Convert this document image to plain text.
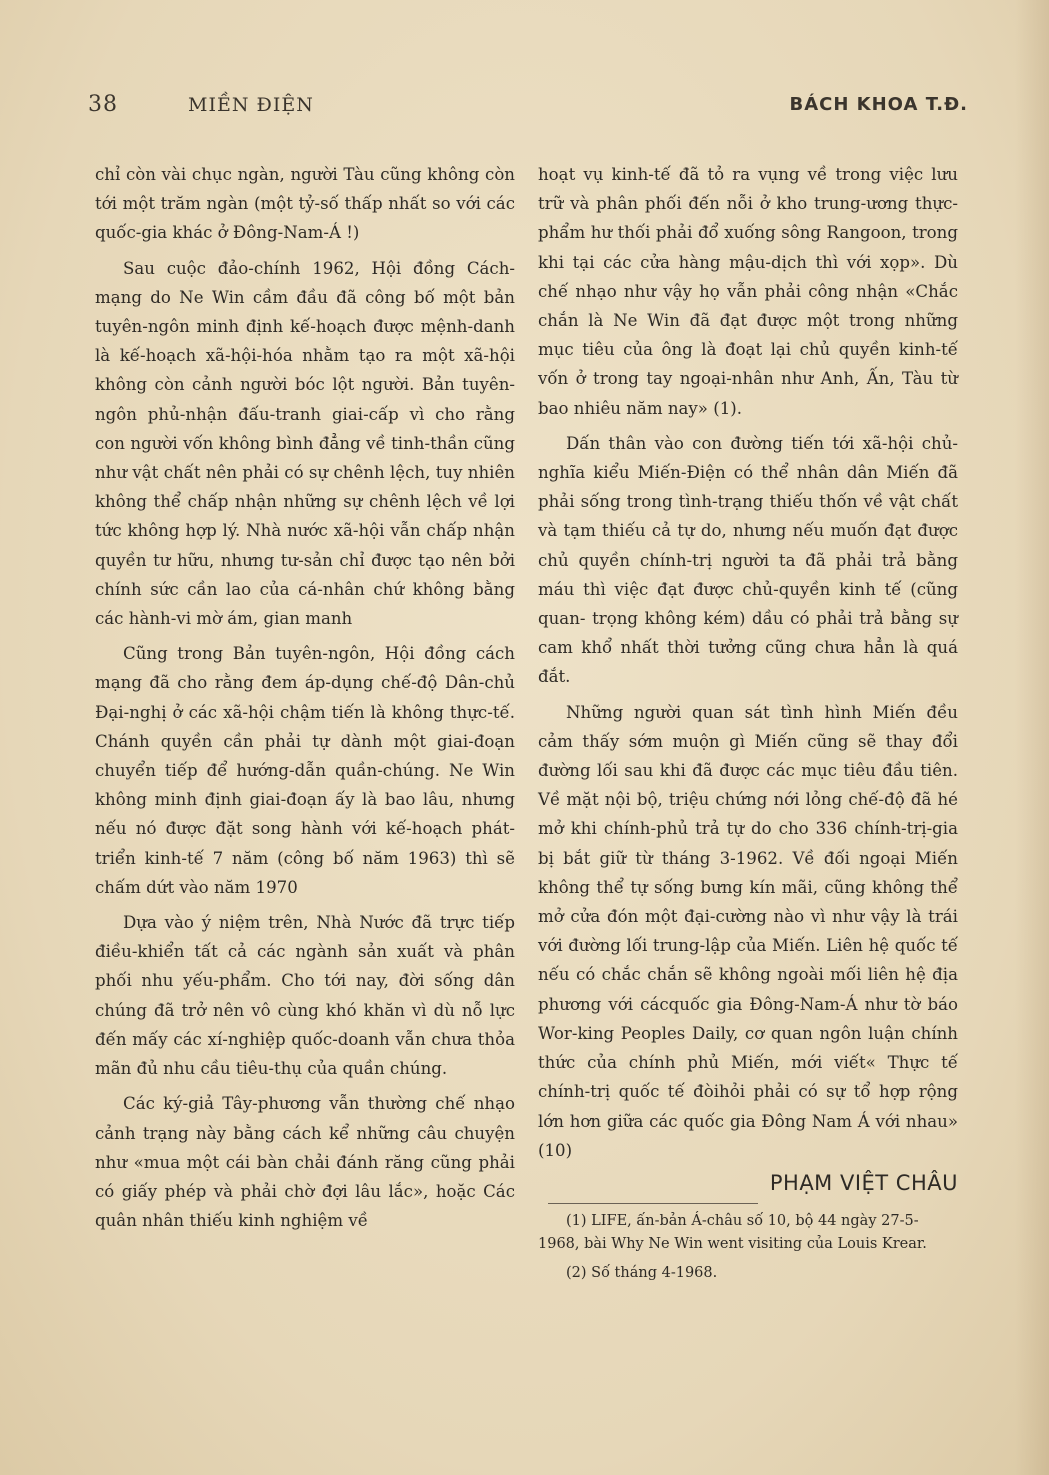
38	MIỀN ĐIỆN	BÁCH KHOA T.Đ.

chỉ còn vài chục ngàn, người Tàu cũng không còn tới một trăm ngàn (một tỷ-số thấp nhất so với các quốc-gia khác ở Đông-Nam-Á !)

Sau cuộc đảo-chính 1962, Hội đồng Cách-mạng do Ne Win cầm đầu đã công bố một bản tuyên-ngôn minh định kế-hoạch được mệnh-danh là kế-hoạch xã-hội-hóa nhằm tạo ra một xã-hội không còn cảnh người bóc lột người. Bản tuyên-ngôn phủ-nhận đấu-tranh giai-cấp vì cho rằng con người vốn không bình đẳng về tinh-thần cũng như vật chất nên phải có sự chênh lệch, tuy nhiên không thể chấp nhận những sự chênh lệch về lợi tức không hợp lý. Nhà nước xã-hội vẫn chấp nhận quyền tư hữu, nhưng tư-sản chỉ được tạo nên bởi chính sức cần lao của cá-nhân chứ không bằng các hành-vi mờ ám, gian manh

Cũng trong Bản tuyên-ngôn, Hội đồng cách mạng đã cho rằng đem áp-dụng chế-độ Dân-chủ Đại-nghị ở các xã-hội chậm tiến là không thực-tế. Chánh quyền cần phải tự dành một giai-đoạn chuyển tiếp để hướng-dẫn quần-chúng. Ne Win không minh định giai-đoạn ấy là bao lâu, nhưng nếu nó được đặt song hành với kế-hoạch phát-triển kinh-tế 7 năm (công bố năm 1963) thì sẽ chấm dứt vào năm 1970

Dựa vào ý niệm trên, Nhà Nước đã trực tiếp điều-khiển tất cả các ngành sản xuất và phân phối nhu yếu-phẩm. Cho tới nay, đời sống dân chúng đã trở nên vô cùng khó khăn vì dù nỗ lực đến mấy các xí-nghiệp quốc-doanh vẫn chưa thỏa mãn đủ nhu cầu tiêu-thụ của quần chúng.

Các ký-giả Tây-phương vẫn thường chế nhạo cảnh trạng này bằng cách kể những câu chuyện như «mua một cái bàn chải đánh răng cũng phải có giấy phép và phải chờ đợi lâu lắc», hoặc Các quân nhân thiếu kinh nghiệm về

hoạt vụ kinh-tế đã tỏ ra vụng về trong việc lưu trữ và phân phối đến nỗi ở kho trung-ương thực-phẩm hư thối phải đổ xuống sông Rangoon, trong khi tại các cửa hàng mậu-dịch thì với xọp». Dù chế nhạo như vậy họ vẫn phải công nhận «Chắc chắn là Ne Win đã đạt được một trong những mục tiêu của ông là đoạt lại chủ quyền kinh-tế vốn ở trong tay ngoại-nhân như Anh, Ấn, Tàu từ bao nhiêu năm nay» (1).

Dấn thân vào con đường tiến tới xã-hội chủ-nghĩa kiểu Miến-Điện có thể nhân dân Miến đã phải sống trong tình-trạng thiếu thốn về vật chất và tạm thiếu cả tự do, nhưng nếu muốn đạt được chủ quyền chính-trị người ta đã phải trả bằng máu thì việc đạt được chủ-quyền kinh tế (cũng quan- trọng không kém) dầu có phải trả bằng sự cam khổ nhất thời tưởng cũng chưa hẳn là quá đắt.

Những người quan sát tình hình Miến đều cảm thấy sớm muộn gì Miến cũng sẽ thay đổi đường lối sau khi đã được các mục tiêu đầu tiên. Về mặt nội bộ, triệu chứng nới lỏng chế-độ đã hé mở khi chính-phủ trả tự do cho 336 chính-trị-gia bị bắt giữ từ tháng 3-1962. Về đối ngoại Miến không thể tự sống bưng kín mãi, cũng không thể mở cửa đón một đại-cường nào vì như vậy là trái với đường lối trung-lập của Miến. Liên hệ quốc tế nếu có chắc chắn sẽ không ngoài mối liên hệ địa phương với cácquốc gia Đông-Nam-Á như tờ báo Wor-king Peoples Daily, cơ quan ngôn luận chính thức của chính phủ Miến, mới viết« Thực tế chính-trị quốc tế đòihỏi phải có sự tổ hợp rộng lớn hơn giữa các quốc gia Đông Nam Á với nhau» (10)

PHẠM VIỆT CHÂU

(1) LIFE, ấn-bản Á-châu số 10, bộ 44 ngày 27-5-1968, bài Why Ne Win went visiting của Louis Krear.

(2) Số tháng 4-1968.
